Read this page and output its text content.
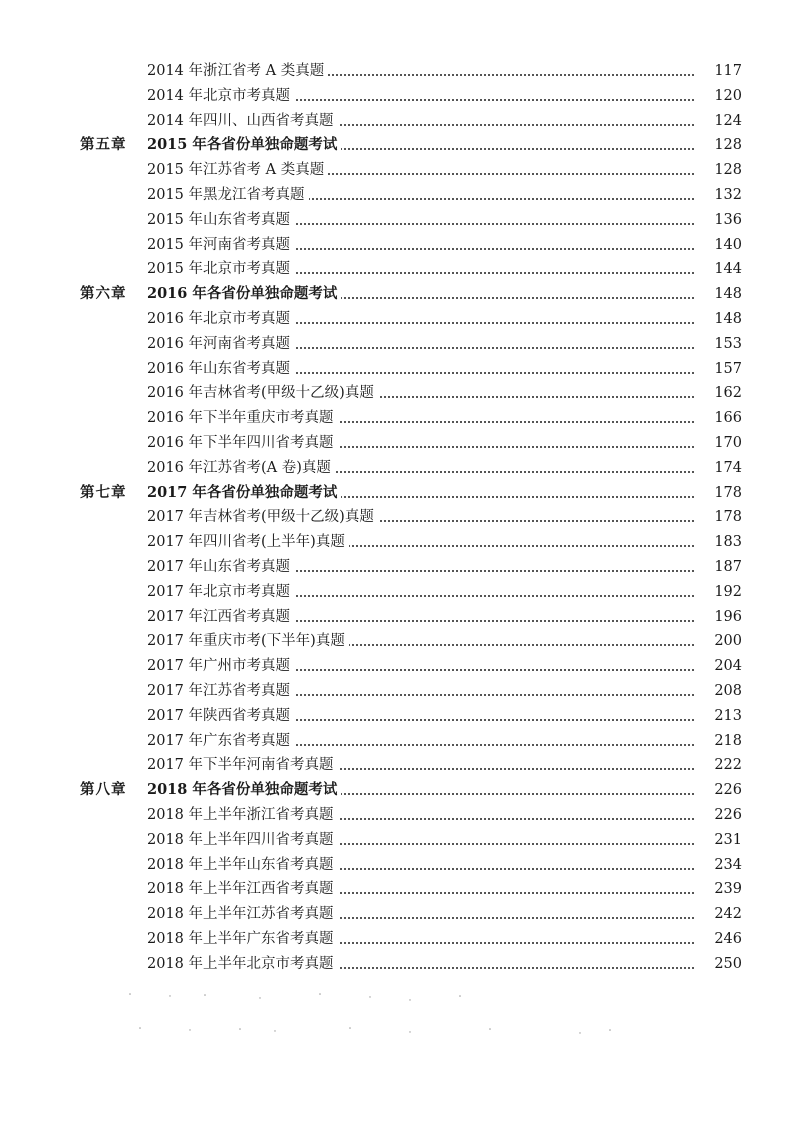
2014 年浙江省考 A 类真题	117
2014 年北京市考真题	120
2014 年四川、山西省考真题	124
第五章 2015 年各省份单独命题考试	128
2015 年江苏省考 A 类真题	128
2015 年黑龙江省考真题	132
2015 年山东省考真题	136
2015 年河南省考真题	140
2015 年北京市考真题	144
第六章 2016 年各省份单独命题考试	148
2016 年北京市考真题	148
2016 年河南省考真题	153
2016 年山东省考真题	157
2016 年吉林省考(甲级十乙级)真题	162
2016 年下半年重庆市考真题	166
2016 年下半年四川省考真题	170
2016 年江苏省考(A 卷)真题	174
第七章 2017 年各省份单独命题考试	178
2017 年吉林省考(甲级十乙级)真题	178
2017 年四川省考(上半年)真题	183
2017 年山东省考真题	187
2017 年北京市考真题	192
2017 年江西省考真题	196
2017 年重庆市考(下半年)真题	200
2017 年广州市考真题	204
2017 年江苏省考真题	208
2017 年陕西省考真题	213
2017 年广东省考真题	218
2017 年下半年河南省考真题	222
第八章 2018 年各省份单独命题考试	226
2018 年上半年浙江省考真题	226
2018 年上半年四川省考真题	231
2018 年上半年山东省考真题	234
2018 年上半年江西省考真题	239
2018 年上半年江苏省考真题	242
2018 年上半年广东省考真题	246
2018 年上半年北京市考真题	250
